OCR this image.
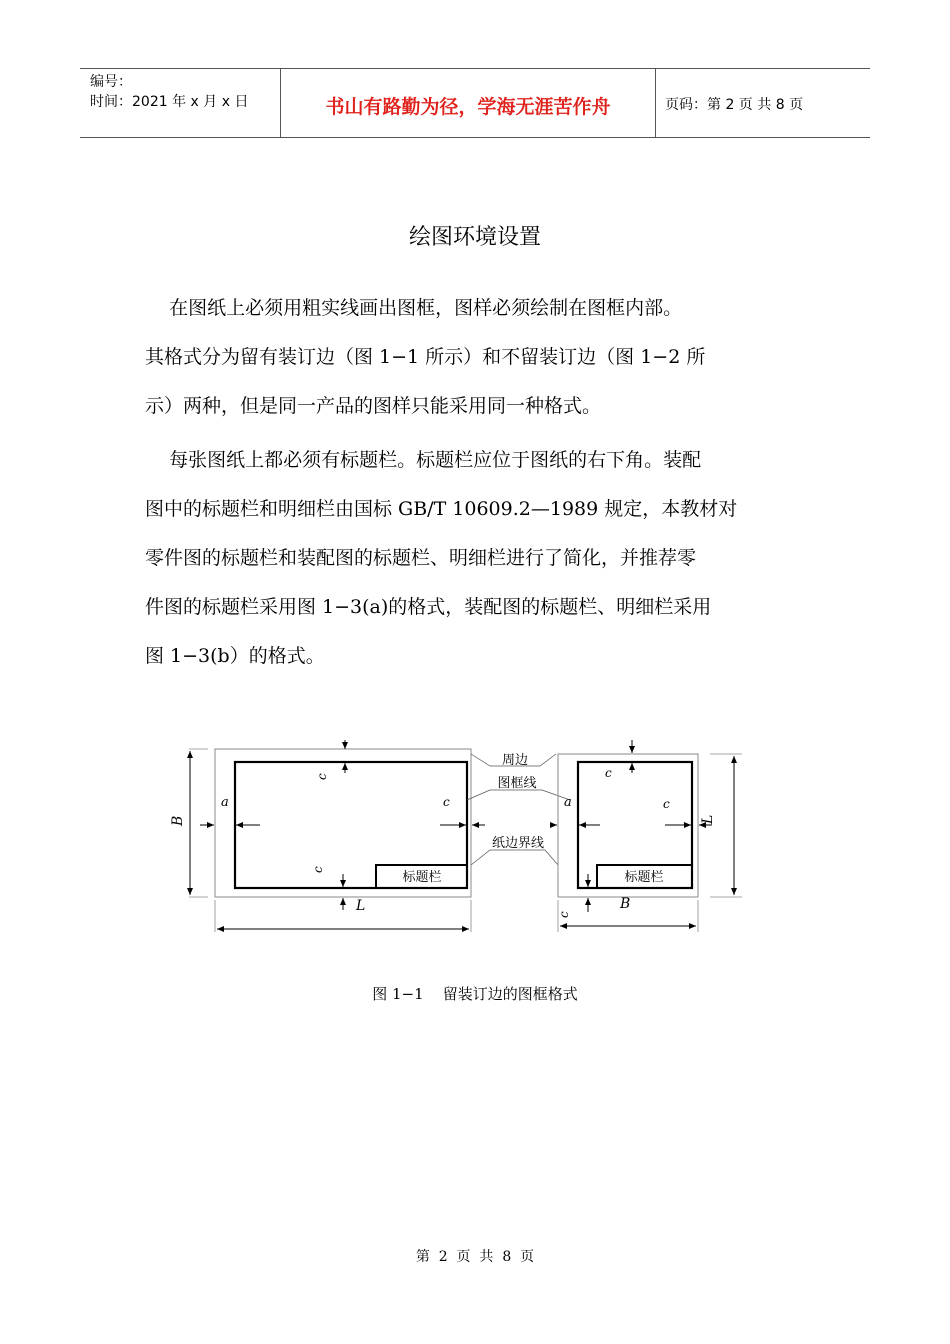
编号：
时间：2021 年 x 月 x 日	书山有路勤为径，学海无涯苦作舟	页码：第 2 页 共 8 页
绘图环境设置

在图纸上必须用粗实线画出图框，图样必须绘制在图框内部。

其格式分为留有装订边（图 1−1 所示）和不留装订边（图 1−2 所

示）两种，但是同一产品的图样只能采用同一种格式。

每张图纸上都必须有标题栏。标题栏应位于图纸的右下角。装配

图中的标题栏和明细栏由国标 GB/T 10609.2—1989 规定，本教材对

零件图的标题栏和装配图的标题栏、明细栏进行了简化，并推荐零

件图的标题栏采用图 1−3(a)的格式，装配图的标题栏、明细栏采用

图 1−3(b）的格式。

标题栏
c
c
a	c
B
L
周边
图框线
纸边界线
标题栏
c
a	c
L
c
B
图 1−1    留装订边的图框格式
第  2  页  共  8  页
